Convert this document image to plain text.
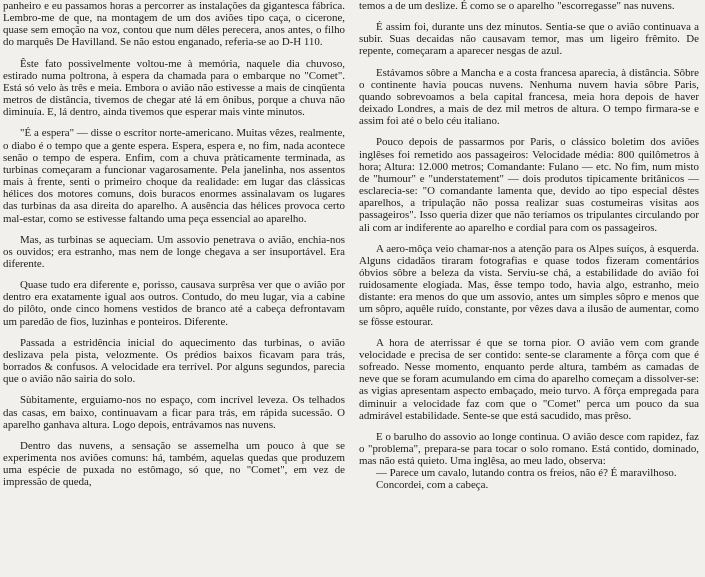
panheiro e eu passamos horas a percorrer as instalações da gigantesca fábrica. Lembro-me de que, na montagem de um dos aviões tipo caça, o cicerone, quase sem emoção na voz, contou que num dêles perecera, anos antes, o filho do marquês De Havilland. Se não estou enganado, referia-se ao D-H 110.

Êste fato possìvelmente voltou-me à memória, naquele dia chuvoso, estirado numa poltrona, à espera da chamada para o embarque no "Comet". Está só velo às três e meia. Embora o avião não estivesse a mais de cinqüenta metros de distância, tivemos de chegar até lá em ônibus, porque a chuva não diminuía. E, lá dentro, ainda tivemos que esperar mais vinte minutos.

"É a espera" — disse o escritor norte-americano. Muitas vêzes, realmente, o diabo é o tempo que a gente espera. Espera, espera e, no fim, nada acontece senão o tempo de espera. Enfim, com a chuva pràticamente terminada, as turbinas começaram a funcionar vagarosamente. Pela janelinha, nos assentos mais à frente, senti o primeiro choque da realidade: em lugar das clássicas hélices dos motores comuns, dois buracos enormes assinalavam os lugares das turbinas da asa direita do aparelho. A ausência das hélices provoca certo mal-estar, como se estivesse faltando uma peça essencial ao aparelho.

Mas, as turbinas se aqueciam. Um assovio penetrava o avião, enchia-nos os ouvidos; era estranho, mas nem de longe chegava a ser insuportável. Era diferente.

Quase tudo era diferente e, porisso, causava surprêsa ver que o avião por dentro era exatamente igual aos outros. Contudo, do meu lugar, via a cabine do pilôto, onde cinco homens vestidos de branco até a cabeça defrontavam um paredão de fios, luzinhas e ponteiros. Diferente.

Passada a estridência inicial do aquecimento das turbinas, o avião deslizava pela pista, velozmente. Os prédios baixos ficavam para trás, borrados & confusos. A velocidade era terrível. Por alguns segundos, parecia que o avião não sairia do solo.

Sùbitamente, erguiamo-nos no espaço, com incrível leveza. Os telhados das casas, em baixo, continuavam a ficar para trás, em rápida sucessão. O aparelho ganhava altura. Logo depois, entrávamos nas nuvens.

Dentro das nuvens, a sensação se assemelha um pouco à que se experimenta nos aviões comuns: há, também, aquelas quedas que produzem uma espécie de puxada no estômago, só que, no "Comet", em vez de impressão de queda,

temos a de um deslize. É como se o aparelho "escorregasse" nas nuvens.

É assim foi, durante uns dez minutos. Sentia-se que o avião continuava a subir. Suas decaidas não causavam temor, mas um ligeiro frêmito. De repente, começaram a aparecer nesgas de azul.

Estávamos sôbre a Mancha e a costa francesa aparecia, à distância. Sôbre o continente havia poucas nuvens. Nenhuma nuvem havia sôbre Paris, quando sobrevoamos a bela capital francesa, meia hora depois de haver deixado Londres, a mais de dez mil metros de altura. O tempo firmara-se e assim foi até o belo céu italiano.

Pouco depois de passarmos por Paris, o clássico boletim dos aviões inglêses foi remetido aos passageiros: Velocidade média: 800 quilômetros à hora; Altura: 12.000 metros; Comandante: Fulano — etc. No fim, num misto de "humour" e "understatement" — dois produtos tipicamente britânicos — esclarecia-se: "O comandante lamenta que, devido ao tipo especial dêstes aparelhos, a tripulação não possa realizar suas costumeiras visitas aos passageiros". Isso queria dizer que não teríamos os tripulantes circulando por ali com ar indiferente ao aparelho e cordial para com os passageiros.

A aero-môça veio chamar-nos a atenção para os Alpes suíços, à esquerda. Alguns cidadãos tiraram fotografias e quase todos fizeram comentários óbvios sôbre a beleza da vista. Serviu-se chá, a estabilidade do avião foi ruidosamente elogiada. Mas, êsse tempo todo, havia algo, estranho, meio distante: era menos do que um assovio, antes um simples sôpro e menos que um sôpro, aquêle ruído, constante, por vêzes dava a ilusão de aumentar, como se fôsse estourar.

A hora de aterrissar é que se torna pior. O avião vem com grande velocidade e precisa de ser contido: sente-se claramente a fôrça com que é sofreado. Nesse momento, enquanto perde altura, também as camadas de neve que se foram acumulando em cima do aparelho começam a dissolver-se: as vigias apresentam aspecto embaçado, meio turvo. A fôrça empregada para diminuir a velocidade faz com que o "Comet" perca um pouco da sua admirável estabilidade. Sente-se que está sacudido, mas prêso.

E o barulho do assovio ao longe continua. O avião desce com rapidez, faz o "problema", prepara-se para tocar o solo romano. Está contido, dominado, mas não está quieto. Uma inglêsa, ao meu lado, observa:

— Parece um cavalo, lutando contra os freios, não é? É maravilhoso.

Concordei, com a cabeça.
